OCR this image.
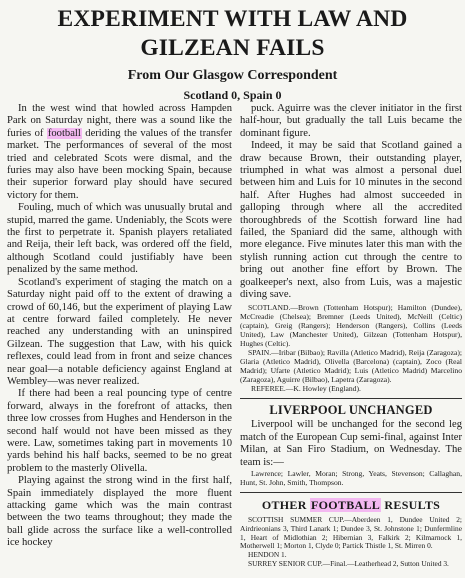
EXPERIMENT WITH LAW AND
GILZEAN FAILS
From Our Glasgow Correspondent
Scotland 0, Spain 0

In the west wind that howled across Hampden Park on Saturday night, there was a sound like the furies of football deriding the values of the transfer market. The performances of several of the most tried and celebrated Scots were dismal, and the furies may also have been mocking Spain, because their superior forward play should have secured victory for them.

Fouling, much of which was unusually brutal and stupid, marred the game. Undeniably, the Scots were the first to perpetrate it. Spanish players retaliated and Reija, their left back, was ordered off the field, although Scotland could justifiably have been penalized by the same method.

Scotland's experiment of staging the match on a Saturday night paid off to the extent of drawing a crowd of 60,146, but the experiment of playing Law at centre forward failed completely. He never reached any understanding with an uninspired Gilzean. The suggestion that Law, with his quick reflexes, could lead from in front and seize chances near goal—a notable deficiency against England at Wembley—was never realized.

If there had been a real pouncing type of centre forward, always in the forefront of attacks, then three low crosses from Hughes and Henderson in the second half would not have been missed as they were. Law, sometimes taking part in movements 10 yards behind his half backs, seemed to be no great problem to the masterly Olivella.

Playing against the strong wind in the first half, Spain immediately displayed the more fluent attacking game which was the main contrast between the two teams throughout; they made the ball glide across the surface like a well-controlled ice hockey

puck. Aguirre was the clever initiator in the first half-hour, but gradually the tall Luis became the dominant figure.

Indeed, it may be said that Scotland gained a draw because Brown, their outstanding player, triumphed in what was almost a personal duel between him and Luis for 10 minutes in the second half. After Hughes had almost succeeded in galloping through where all the accredited thoroughbreds of the Scottish forward line had failed, the Spaniard did the same, although with more elegance. Five minutes later this man with the stylish running action cut through the centre to bring out another fine effort by Brown. The goalkeeper's next, also from Luis, was a majestic diving save.

SCOTLAND.—Brown (Tottenham Hotspur); Hamilton (Dundee), McCreadie (Chelsea); Bremner (Leeds United), McNeill (Celtic) (captain), Greig (Rangers); Henderson (Rangers), Collins (Leeds United), Law (Manchester United), Gilzean (Tottenham Hotspur), Hughes (Celtic).

SPAIN.—Iribar (Bilbao); Ravilla (Atletico Madrid), Reija (Zaragoza); Glaria (Atletico Madrid), Olivella (Barcelona) (captain), Zoco (Real Madrid); Ufarte (Atletico Madrid); Luis (Atletico Madrid) Marcelino (Zaragoza), Aguirre (Bilbao), Lapetra (Zaragoza).

REFEREE.—K. Howley (England).

LIVERPOOL UNCHANGED

Liverpool will be unchanged for the second leg match of the European Cup semi-final, against Inter Milan, at San Firo Stadium, on Wednesday. The team is:—

Lawrence; Lawler, Moran; Strong, Yeats, Stevenson; Callaghan, Hunt, St. John, Smith, Thompson.

OTHER FOOTBALL RESULTS

SCOTTISH SUMMER CUP.—Aberdeen 1, Dundee United 2; Airdrieonians 3, Third Lanark 1; Dundee 3, St. Johnstone 1; Dunfermline 1, Heart of Midlothian 2; Hibernian 3, Falkirk 2; Kilmarnock 1, Motherwell 1; Morton 1, Clyde 0; Partick Thistle 1, St. Mirren 0.

HENDON 1.

SURREY SENIOR CUP.—Final.—Leatherhead 2, Sutton United 3.
